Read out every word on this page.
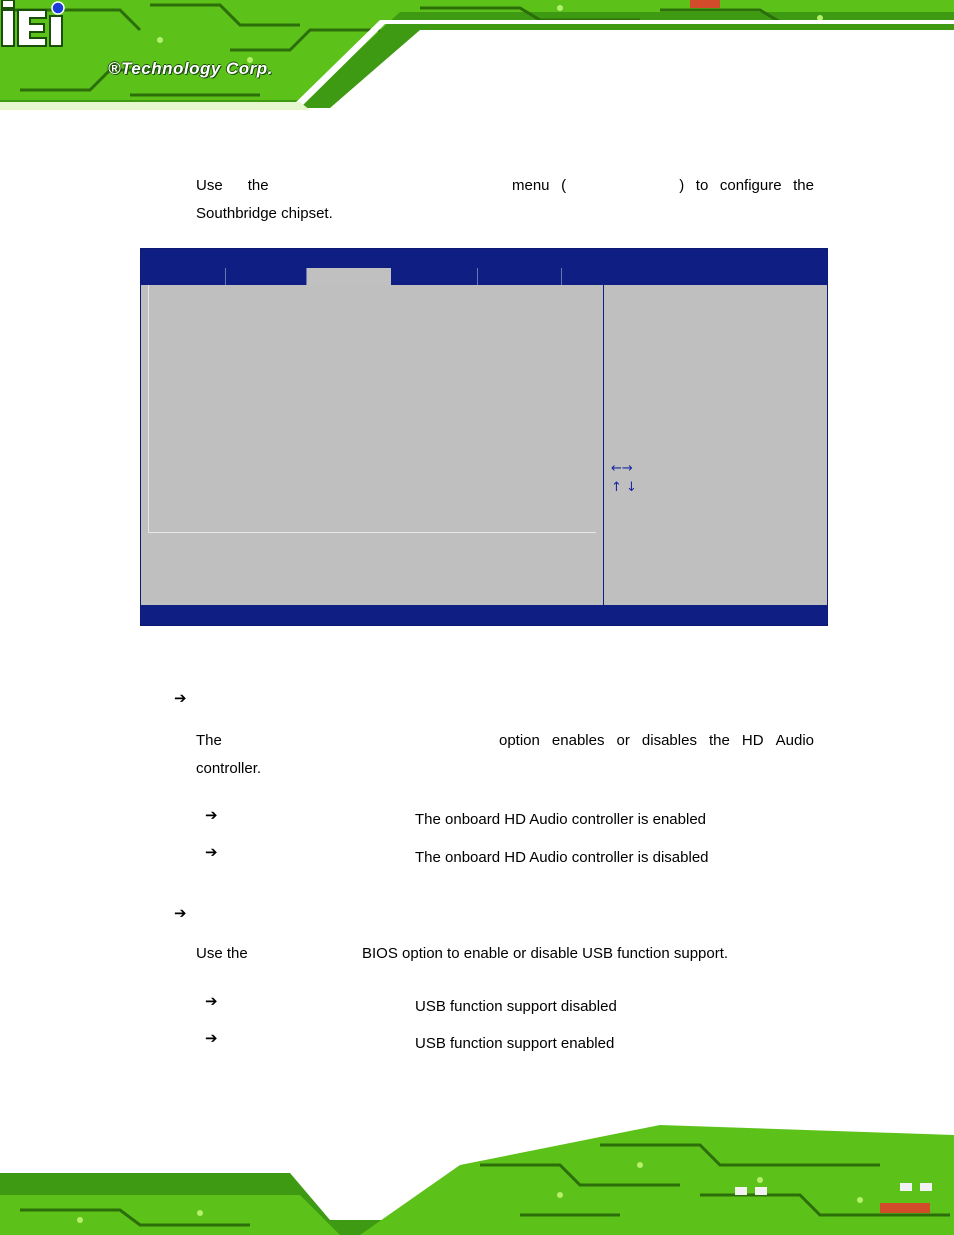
®Technology Corp.
Use the	menu (	) to configure the
Southbridge chipset.
←→
↑ ↓
➔
The	option enables or disables the HD Audio
controller.
➔	The onboard HD Audio controller is enabled
➔	The onboard HD Audio controller is disabled
➔
Use the	BIOS option to enable or disable USB function support.
➔	USB function support disabled
➔	USB function support enabled
